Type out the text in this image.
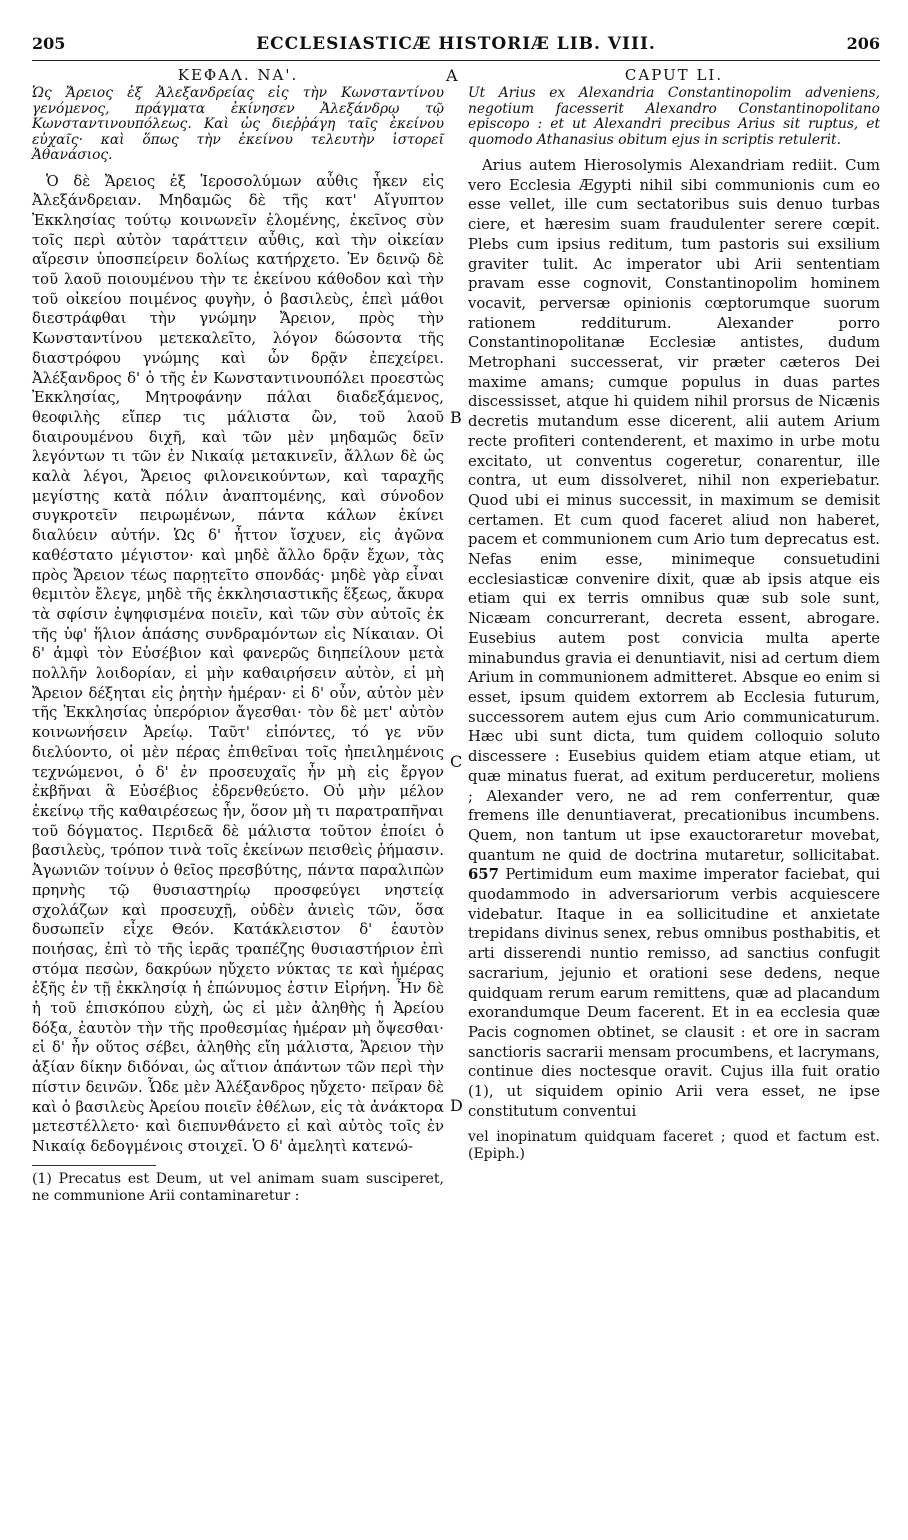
205	ECCLESIASTICÆ HISTORIÆ LIB. VIII.	206
A
B
C
D
ΚΕΦΑΛ. ΝΑ'.

Ὡς Ἄρειος ἐξ Ἀλεξανδρείας εἰς τὴν Κωνσταντίνου γενόμενος, πράγματα ἐκίνησεν Ἀλεξάνδρῳ τῷ Κωνσταντινουπόλεως. Καὶ ὡς διεῤῥάγη ταῖς ἐκείνου εὐχαῖς· καὶ ὅπως τὴν ἐκείνου τελευτὴν ἱστορεῖ Ἀθανάσιος.

Ὁ δὲ Ἄρειος ἐξ Ἱεροσολύμων αὖθις ἧκεν εἰς Ἀλεξάνδρειαν. Μηδαμῶς δὲ τῆς κατ' Αἴγυπτον Ἐκκλησίας τούτῳ κοινωνεῖν ἑλομένης, ἐκεῖνος σὺν τοῖς περὶ αὐτὸν ταράττειν αὖθις, καὶ τὴν οἰκείαν αἵρεσιν ὑποσπείρειν δολίως κατήρχετο. Ἐν δεινῷ δὲ τοῦ λαοῦ ποιουμένου τὴν τε ἐκείνου κάθοδον καὶ τὴν τοῦ οἰκείου ποιμένος φυγὴν, ὁ βασιλεὺς, ἐπεὶ μάθοι διεστράφθαι τὴν γνώμην Ἄρειον, πρὸς τὴν Κωνσταντίνου μετεκαλεῖτο, λόγον δώσοντα τῆς διαστρόφου γνώμης καὶ ὧν δρᾷν ἐπεχείρει. Ἀλέξανδρος δ' ὁ τῆς ἐν Κωνσταντινουπόλει προεστὼς Ἐκκλησίας, Μητροφάνην πάλαι διαδεξάμενος, θεοφιλὴς εἴπερ τις μάλιστα ὢν, τοῦ λαοῦ διαιρουμένου διχῆ, καὶ τῶν μὲν μηδαμῶς δεῖν λεγόντων τι τῶν ἐν Νικαίᾳ μετακινεῖν, ἄλλων δὲ ὡς καλὰ λέγοι, Ἄρειος φιλονεικούντων, καὶ ταραχῆς μεγίστης κατὰ πόλιν ἀναπτομένης, καὶ σύνοδον συγκροτεῖν πειρωμένων, πάντα κάλων ἐκίνει διαλύειν αὐτήν. Ὡς δ' ἧττον ἴσχυεν, εἰς ἀγῶνα καθέστατο μέγιστον· καὶ μηδὲ ἄλλο δρᾷν ἔχων, τὰς πρὸς Ἄρειον τέως παρῃτεῖτο σπονδάς· μηδὲ γὰρ εἶναι θεμιτὸν ἔλεγε, μηδὲ τῆς ἐκκλησιαστικῆς ἕξεως, ἄκυρα τὰ σφίσιν ἐψηφισμένα ποιεῖν, καὶ τῶν σὺν αὐτοῖς ἐκ τῆς ὑφ' ἥλιον ἁπάσης συνδραμόντων εἰς Νίκαιαν. Οἱ δ' ἀμφὶ τὸν Εὐσέβιον καὶ φανερῶς διηπείλουν μετὰ πολλῆν λοιδορίαν, εἰ μὴν καθαιρήσειν αὐτὸν, εἰ μὴ Ἄρειον δέξηται εἰς ῥητὴν ἡμέραν· εἰ δ' οὖν, αὐτὸν μὲν τῆς Ἐκκλησίας ὑπερόριον ἄγεσθαι· τὸν δὲ μετ' αὐτὸν κοινωνήσειν Ἀρείῳ. Ταῦτ' εἰπόντες, τό γε νῦν διελύοντο, οἱ μὲν πέρας ἐπιθεῖναι τοῖς ἠπειλημένοις τεχνώμενοι, ὁ δ' ἐν προσευχαῖς ἦν μὴ εἰς ἔργον ἐκβῆναι ἃ Εὐσέβιος ἐδρενθεύετο. Οὐ μὴν μέλον ἐκείνῳ τῆς καθαιρέσεως ἦν, ὅσον μὴ τι παρατραπῆναι τοῦ δόγματος. Περιδεᾶ δὲ μάλιστα τοῦτον ἐποίει ὁ βασιλεὺς, τρόπον τινὰ τοῖς ἐκείνων πεισθεὶς ῥήμασιν. Ἀγωνιῶν τοίνυν ὁ θεῖος πρεσβύτης, πάντα παραλιπὼν πρηνὴς τῷ θυσιαστηρίῳ προσφεύγει νηστείᾳ σχολάζων καὶ προσευχῇ, οὐδὲν ἀνιεὶς τῶν, ὅσα δυσωπεῖν εἶχε Θεόν. Κατάκλειστον δ' ἑαυτὸν ποιήσας, ἐπὶ τὸ τῆς ἱερᾶς τραπέζης θυσιαστήριον ἐπὶ στόμα πεσὼν, δακρύων ηὔχετο νύκτας τε καὶ ἡμέρας ἑξῆς ἐν τῇ ἐκκλησίᾳ ἡ ἐπώνυμος ἐστιν Εἰρήνη. Ἦν δὲ ἡ τοῦ ἐπισκόπου εὐχὴ, ὡς εἰ μὲν ἀληθὴς ἡ Ἀρείου δόξα, ἑαυτὸν τὴν τῆς προθεσμίας ἡμέραν μὴ ὄψεσθαι· εἰ δ' ἦν οὕτος σέβει, ἀληθὴς εἴη μάλιστα, Ἄρειον τὴν ἀξίαν δίκην διδόναι, ὡς αἴτιον ἁπάντων τῶν περὶ τὴν πίστιν δεινῶν. Ὧδε μὲν Ἀλέξανδρος ηὔχετο· πεῖραν δὲ καὶ ὁ βασιλεὺς Ἀρείου ποιεῖν ἐθέλων, εἰς τὰ ἀνάκτορα μετεστέλλετο· καὶ διεπυνθάνετο εἰ καὶ αὐτὸς τοῖς ἐν Νικαίᾳ δεδογμένοις στοιχεῖ. Ὁ δ' ἀμελητὶ κατενώ-

(1) Precatus est Deum, ut vel animam suam susciperet, ne communione Arii contaminaretur :

CAPUT LI.

Ut Arius ex Alexandria Constantinopolim adveniens, negotium facesserit Alexandro Constantinopolitano episcopo : et ut Alexandri precibus Arius sit ruptus, et quomodo Athanasius obitum ejus in scriptis retulerit.

Arius autem Hierosolymis Alexandriam rediit. Cum vero Ecclesia Ægypti nihil sibi communionis cum eo esse vellet, ille cum sectatoribus suis denuo turbas ciere, et hæresim suam fraudulenter serere cœpit. Plebs cum ipsius reditum, tum pastoris sui exsilium graviter tulit. Ac imperator ubi Arii sententiam pravam esse cognovit, Constantinopolim hominem vocavit, perversæ opinionis cœptorumque suorum rationem redditurum. Alexander porro Constantinopolitanæ Ecclesiæ antistes, dudum Metrophani successerat, vir præter cæteros Dei maxime amans; cumque populus in duas partes discessisset, atque hi quidem nihil prorsus de Nicænis decretis mutandum esse dicerent, alii autem Arium recte profiteri contenderent, et maximo in urbe motu excitato, ut conventus cogeretur, conarentur, ille contra, ut eum dissolveret, nihil non experiebatur. Quod ubi ei minus successit, in maximum se demisit certamen. Et cum quod faceret aliud non haberet, pacem et communionem cum Ario tum deprecatus est. Nefas enim esse, minimeque consuetudini ecclesiasticæ convenire dixit, quæ ab ipsis atque eis etiam qui ex terris omnibus quæ sub sole sunt, Nicæam concurrerant, decreta essent, abrogare. Eusebius autem post convicia multa aperte minabundus gravia ei denuntiavit, nisi ad certum diem Arium in communionem admitteret. Absque eo enim si esset, ipsum quidem extorrem ab Ecclesia futurum, successorem autem ejus cum Ario communicaturum. Hæc ubi sunt dicta, tum quidem colloquio soluto discessere : Eusebius quidem etiam atque etiam, ut quæ minatus fuerat, ad exitum perduceretur, moliens ; Alexander vero, ne ad rem conferrentur, quæ fremens ille denuntiaverat, precationibus incumbens. Quem, non tantum ut ipse exauctoraretur movebat, quantum ne quid de doctrina mutaretur, sollicitabat. 657 Pertimidum eum maxime imperator faciebat, qui quodammodo in adversariorum verbis acquiescere videbatur. Itaque in ea sollicitudine et anxietate trepidans divinus senex, rebus omnibus posthabitis, et arti disserendi nuntio remisso, ad sanctius confugit sacrarium, jejunio et orationi sese dedens, neque quidquam rerum earum remittens, quæ ad placandum exorandumque Deum facerent. Et in ea ecclesia quæ Pacis cognomen obtinet, se clausit : et ore in sacram sanctioris sacrarii mensam procumbens, et lacrymans, continue dies noctesque oravit. Cujus illa fuit oratio (1), ut siquidem opinio Arii vera esset, ne ipse constitutum conventui

vel inopinatum quidquam faceret ; quod et factum est. (Epiph.)
